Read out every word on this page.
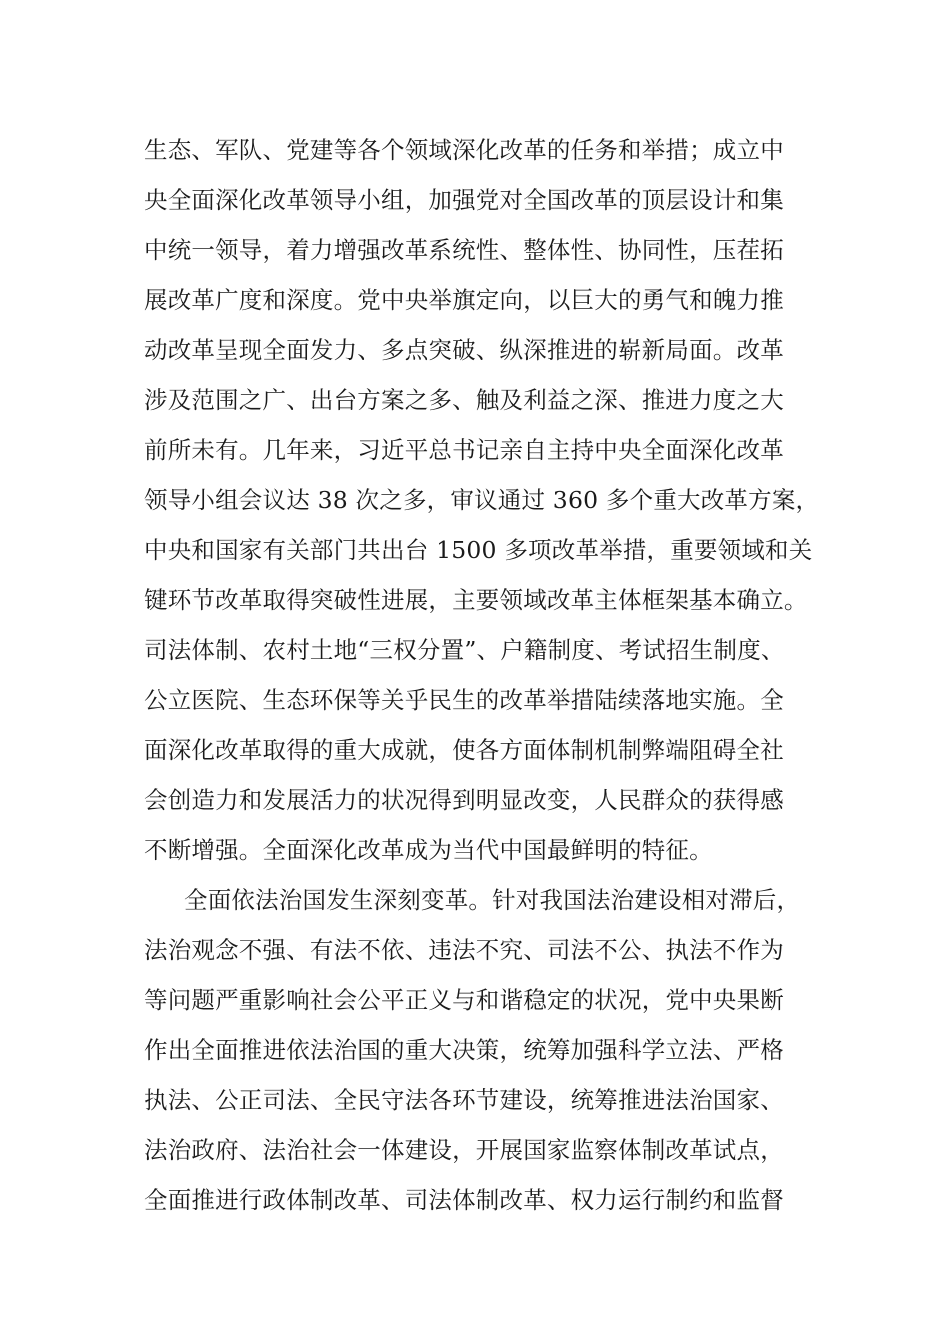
生态、军队、党建等各个领域深化改革的任务和举措；成立中
央全面深化改革领导小组，加强党对全国改革的顶层设计和集
中统一领导，着力增强改革系统性、整体性、协同性，压茬拓
展改革广度和深度。党中央举旗定向，以巨大的勇气和魄力推
动改革呈现全面发力、多点突破、纵深推进的崭新局面。改革
涉及范围之广、出台方案之多、触及利益之深、推进力度之大
前所未有。几年来，习近平总书记亲自主持中央全面深化改革
领导小组会议达 38 次之多，审议通过 360 多个重大改革方案，
中央和国家有关部门共出台 1500 多项改革举措，重要领域和关
键环节改革取得突破性进展，主要领域改革主体框架基本确立。
司法体制、农村土地“三权分置”、户籍制度、考试招生制度、
公立医院、生态环保等关乎民生的改革举措陆续落地实施。全
面深化改革取得的重大成就，使各方面体制机制弊端阻碍全社
会创造力和发展活力的状况得到明显改变，人民群众的获得感
不断增强。全面深化改革成为当代中国最鲜明的特征。
全面依法治国发生深刻变革。针对我国法治建设相对滞后，
法治观念不强、有法不依、违法不究、司法不公、执法不作为
等问题严重影响社会公平正义与和谐稳定的状况，党中央果断
作出全面推进依法治国的重大决策，统筹加强科学立法、严格
执法、公正司法、全民守法各环节建设，统筹推进法治国家、
法治政府、法治社会一体建设，开展国家监察体制改革试点，
全面推进行政体制改革、司法体制改革、权力运行制约和监督
